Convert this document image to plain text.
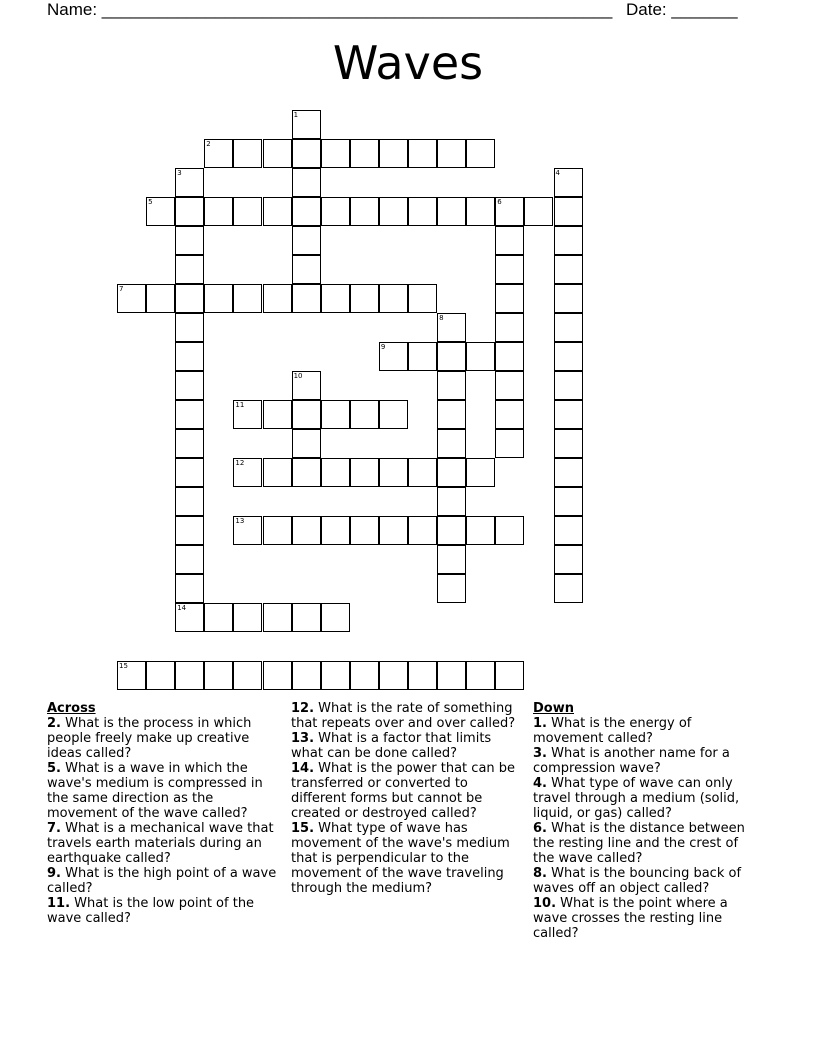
Name: ______________________________________________________ Date: _______
Waves
1
2
3
14
4
5	6
7
8
9
10
11
12
13
15
Across
2. What is the process in which people freely make up creative ideas called?
5. What is a wave in which the wave's medium is compressed in the same direction as the movement of the wave called?
7. What is a mechanical wave that travels earth materials during an earthquake called?
9. What is the high point of a wave called?
11. What is the low point of the wave called?
12. What is the rate of something that repeats over and over called?
13. What is a factor that limits what can be done called?
14. What is the power that can be transferred or converted to different forms but cannot be created or destroyed called?
15. What type of wave has movement of the wave's medium that is perpendicular to the movement of the wave traveling through the medium?
Down
1. What is the energy of movement called?
3. What is another name for a compression wave?
4. What type of wave can only travel through a medium (solid, liquid, or gas) called?
6. What is the distance between the resting line and the crest of the wave called?
8. What is the bouncing back of waves off an object called?
10. What is the point where a wave crosses the resting line called?
